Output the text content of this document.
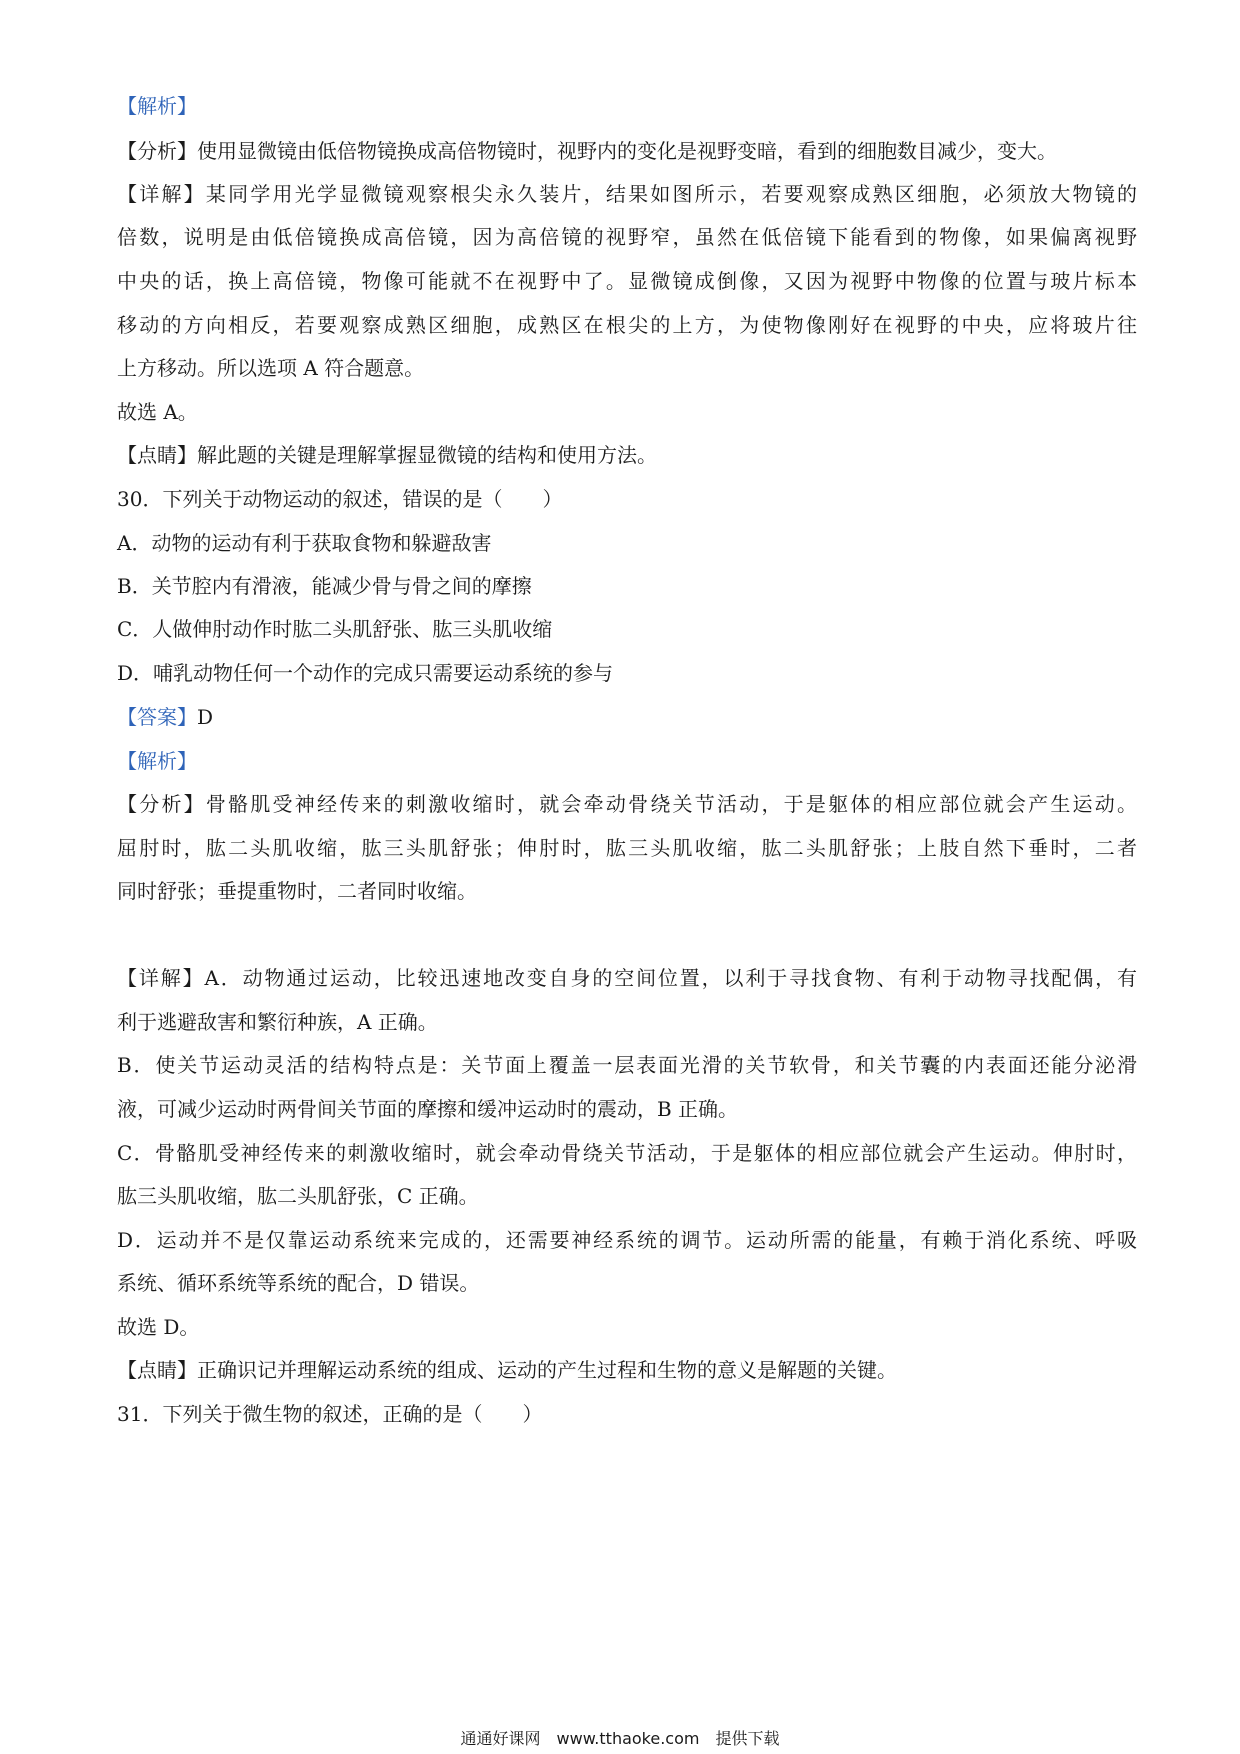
【解析】
【分析】使用显微镜由低倍物镜换成高倍物镜时，视野内的变化是视野变暗，看到的细胞数目减少，变大。
【详解】某同学用光学显微镜观察根尖永久装片，结果如图所示，若要观察成熟区细胞，必须放大物镜的
倍数，说明是由低倍镜换成高倍镜，因为高倍镜的视野窄，虽然在低倍镜下能看到的物像，如果偏离视野
中央的话，换上高倍镜，物像可能就不在视野中了。显微镜成倒像，又因为视野中物像的位置与玻片标本
移动的方向相反，若要观察成熟区细胞，成熟区在根尖的上方，为使物像刚好在视野的中央，应将玻片往
上方移动。所以选项 A 符合题意。
故选 A。
【点睛】解此题的关键是理解掌握显微镜的结构和使用方法。
30．下列关于动物运动的叙述，错误的是（　　）
A．动物的运动有利于获取食物和躲避敌害
B．关节腔内有滑液，能减少骨与骨之间的摩擦
C．人做伸肘动作时肱二头肌舒张、肱三头肌收缩
D．哺乳动物任何一个动作的完成只需要运动系统的参与
【答案】D
【解析】
【分析】骨骼肌受神经传来的刺激收缩时，就会牵动骨绕关节活动，于是躯体的相应部位就会产生运动。
屈肘时，肱二头肌收缩，肱三头肌舒张；伸肘时，肱三头肌收缩，肱二头肌舒张；上肢自然下垂时，二者
同时舒张；垂提重物时，二者同时收缩。
【详解】A．动物通过运动，比较迅速地改变自身的空间位置，以利于寻找食物、有利于动物寻找配偶，有
利于逃避敌害和繁衍种族，A 正确。
B．使关节运动灵活的结构特点是：关节面上覆盖一层表面光滑的关节软骨，和关节囊的内表面还能分泌滑
液，可减少运动时两骨间关节面的摩擦和缓冲运动时的震动，B 正确。
C．骨骼肌受神经传来的刺激收缩时，就会牵动骨绕关节活动，于是躯体的相应部位就会产生运动。伸肘时，
肱三头肌收缩，肱二头肌舒张，C 正确。
D．运动并不是仅靠运动系统来完成的，还需要神经系统的调节。运动所需的能量，有赖于消化系统、呼吸
系统、循环系统等系统的配合，D 错误。
故选 D。
【点睛】正确识记并理解运动系统的组成、运动的产生过程和生物的意义是解题的关键。
31．下列关于微生物的叙述，正确的是（　　）
通通好课网　www.tthaoke.com　提供下载
